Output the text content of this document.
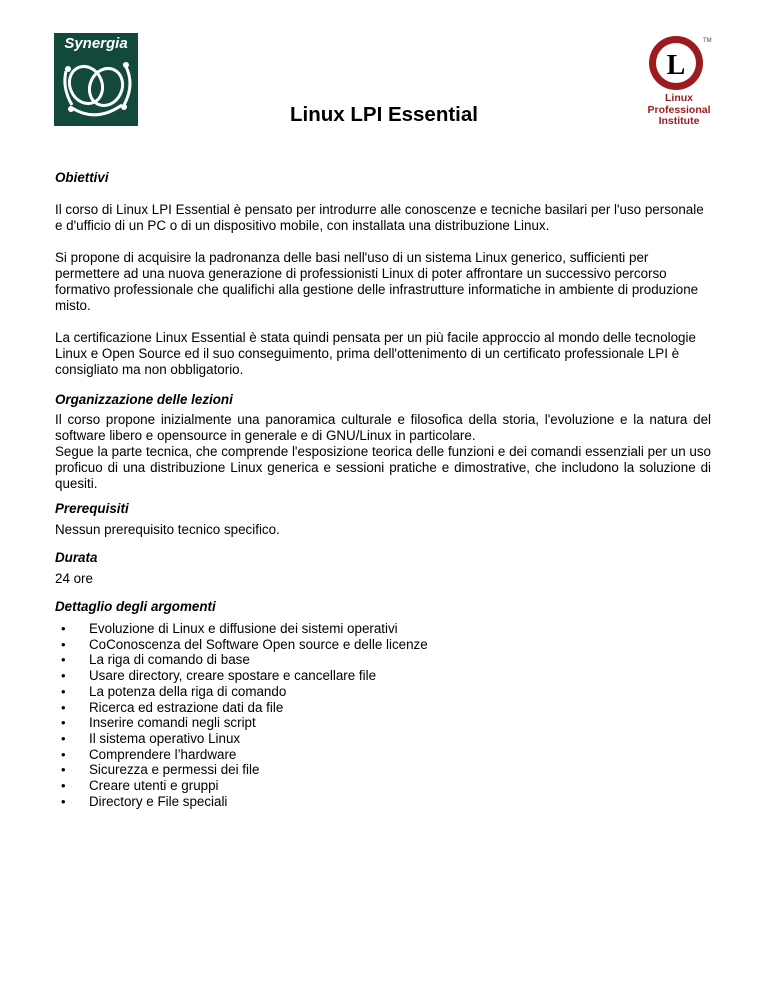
Synergia	TM
L
Linux
Professional
Institute
Linux LPI Essential
Obiettivi

Il corso di Linux LPI Essential è pensato per introdurre alle conoscenze e tecniche basilari per l'uso personale e d'ufficio di un PC o di un dispositivo mobile, con installata una distribuzione Linux.

Si propone di acquisire la padronanza delle basi nell'uso di un sistema Linux generico, sufficienti per permettere ad una nuova generazione di professionisti Linux di poter affrontare un successivo percorso formativo professionale che qualifichi alla gestione delle infrastrutture informatiche in ambiente di produzione misto.

La certificazione Linux Essential è stata quindi pensata per un più facile approccio al mondo delle tecnologie Linux e Open Source ed il suo conseguimento, prima dell'ottenimento di un certificato professionale LPI è consigliato ma non obbligatorio.

Organizzazione delle lezioni

Il corso propone inizialmente una panoramica culturale e filosofica della storia, l'evoluzione e la natura del software libero e opensource in generale e di GNU/Linux in particolare.

Segue la parte tecnica, che comprende l'esposizione teorica delle funzioni e dei comandi essenziali per un uso proficuo di una distribuzione Linux generica e sessioni pratiche e dimostrative, che includono la soluzione di quesiti.

Prerequisiti

Nessun prerequisito tecnico specifico.

Durata

24 ore

Dettaglio degli argomenti
• Evoluzione di Linux e diffusione dei sistemi operativi
• CoConoscenza del Software Open source e delle licenze
• La riga di comando di base
• Usare directory, creare spostare e cancellare file
• La potenza della riga di comando
• Ricerca ed estrazione dati da file
• Inserire comandi negli script
• Il sistema operativo Linux
• Comprendere l’hardware
• Sicurezza e permessi dei file
• Creare utenti e gruppi
• Directory e File speciali
